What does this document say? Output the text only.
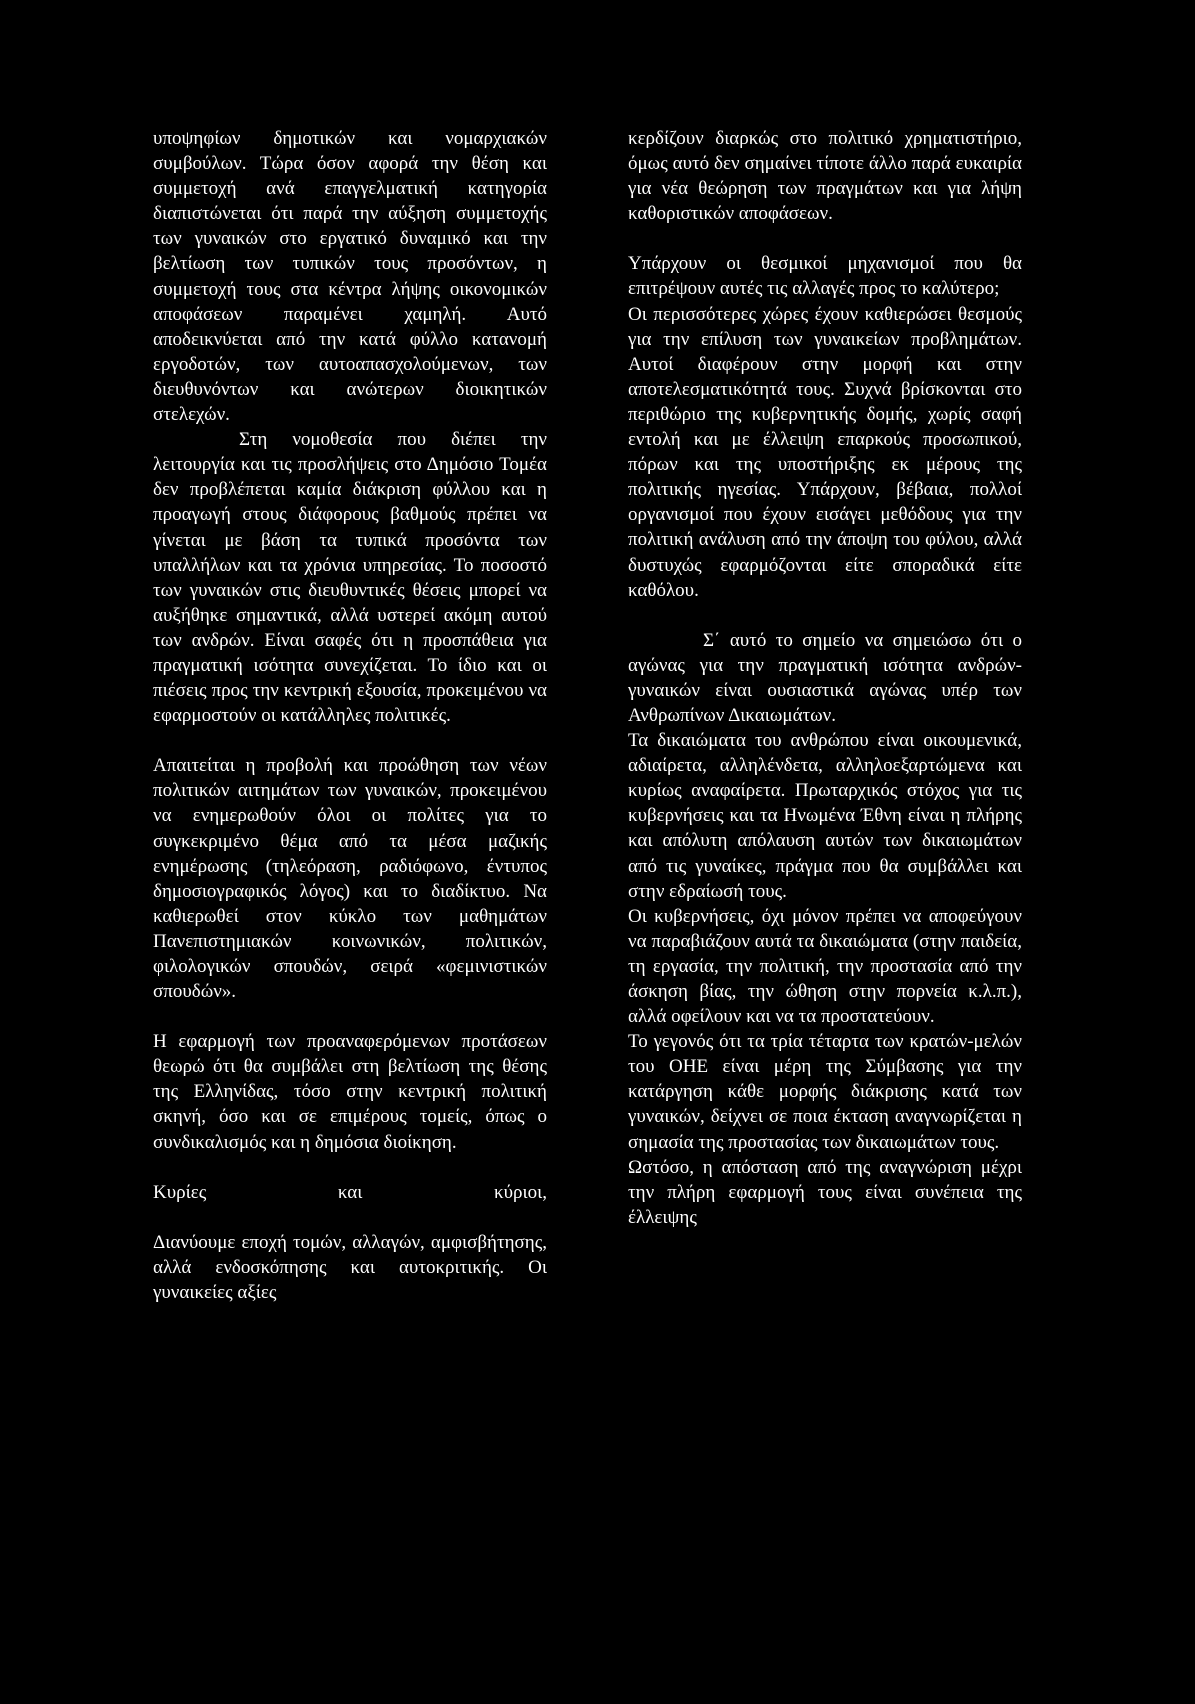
υποψηφίων δημοτικών και νομαρχιακών συμβούλων. Τώρα όσον αφορά την θέση και συμμετοχή ανά επαγγελματική κατηγορία διαπιστώνεται ότι παρά την αύξηση συμμετοχής των γυναικών στο εργατικό δυναμικό και την βελτίωση των τυπικών τους προσόντων, η συμμετοχή τους στα κέντρα λήψης οικονομικών αποφάσεων παραμένει χαμηλή. Αυτό αποδεικνύεται από την κατά φύλλο κατανομή εργοδοτών, των αυτοαπασχολούμενων, των διευθυνόντων και ανώτερων διοικητικών στελεχών.

Στη νομοθεσία που διέπει την λειτουργία και τις προσλήψεις στο Δημόσιο Τομέα δεν προβλέπεται καμία διάκριση φύλλου και η προαγωγή στους διάφορους βαθμούς πρέπει να γίνεται με βάση τα τυπικά προσόντα των υπαλλήλων και τα χρόνια υπηρεσίας. Το ποσοστό των γυναικών στις διευθυντικές θέσεις μπορεί να αυξήθηκε σημαντικά, αλλά υστερεί ακόμη αυτού των ανδρών. Είναι σαφές ότι η προσπάθεια για πραγματική ισότητα συνεχίζεται. Το ίδιο και οι πιέσεις προς την κεντρική εξουσία, προκειμένου να εφαρμοστούν οι κατάλληλες πολιτικές.

Απαιτείται η προβολή και προώθηση των νέων πολιτικών αιτημάτων των γυναικών, προκειμένου να ενημερωθούν όλοι οι πολίτες για το συγκεκριμένο θέμα από τα μέσα μαζικής ενημέρωσης (τηλεόραση, ραδιόφωνο, έντυπος δημοσιογραφικός λόγος) και το διαδίκτυο. Να καθιερωθεί στον κύκλο των μαθημάτων Πανεπιστημιακών κοινωνικών, πολιτικών, φιλολογικών σπουδών, σειρά «φεμινιστικών σπουδών».

Η εφαρμογή των προαναφερόμενων προτάσεων θεωρώ ότι θα συμβάλει στη βελτίωση της θέσης της Ελληνίδας, τόσο στην κεντρική πολιτική σκηνή, όσο και σε επιμέρους τομείς, όπως ο συνδικαλισμός και η δημόσια διοίκηση.

Κυρίες και κύριοι,

Διανύουμε εποχή τομών, αλλαγών, αμφισβήτησης, αλλά ενδοσκόπησης και αυτοκριτικής. Οι γυναικείες αξίες

κερδίζουν διαρκώς στο πολιτικό χρηματιστήριο, όμως αυτό δεν σημαίνει τίποτε άλλο παρά ευκαιρία για νέα θεώρηση των πραγμάτων και για λήψη καθοριστικών αποφάσεων.

Υπάρχουν οι θεσμικοί μηχανισμοί που θα επιτρέψουν αυτές τις αλλαγές προς το καλύτερο;

Οι περισσότερες χώρες έχουν καθιερώσει θεσμούς για την επίλυση των γυναικείων προβλημάτων. Αυτοί διαφέρουν στην μορφή και στην αποτελεσματικότητά τους. Συχνά βρίσκονται στο περιθώριο της κυβερνητικής δομής, χωρίς σαφή εντολή και με έλλειψη επαρκούς προσωπικού, πόρων και της υποστήριξης εκ μέρους της πολιτικής ηγεσίας. Υπάρχουν, βέβαια, πολλοί οργανισμοί που έχουν εισάγει μεθόδους για την πολιτική ανάλυση από την άποψη του φύλου, αλλά δυστυχώς εφαρμόζονται είτε σποραδικά είτε καθόλου.

Σ΄ αυτό το σημείο να σημειώσω ότι ο αγώνας για την πραγματική ισότητα ανδρών-γυναικών είναι ουσιαστικά αγώνας υπέρ των Ανθρωπίνων Δικαιωμάτων.

Τα δικαιώματα του ανθρώπου είναι οικουμενικά, αδιαίρετα, αλληλένδετα, αλληλοεξαρτώμενα και κυρίως αναφαίρετα. Πρωταρχικός στόχος για τις κυβερνήσεις και τα Ηνωμένα Έθνη είναι η πλήρης και απόλυτη απόλαυση αυτών των δικαιωμάτων από τις γυναίκες, πράγμα που θα συμβάλλει και στην εδραίωσή τους.

Οι κυβερνήσεις, όχι μόνον πρέπει να αποφεύγουν να παραβιάζουν αυτά τα δικαιώματα (στην παιδεία, τη εργασία, την πολιτική, την προστασία από την άσκηση βίας, την ώθηση στην πορνεία κ.λ.π.), αλλά οφείλουν και να τα προστατεύουν.

Το γεγονός ότι τα τρία τέταρτα των κρατών-μελών του ΟΗΕ είναι μέρη της Σύμβασης για την κατάργηση κάθε μορφής διάκρισης κατά των γυναικών, δείχνει σε ποια έκταση αναγνωρίζεται η σημασία της προστασίας των δικαιωμάτων τους.

Ωστόσο, η απόσταση από της αναγνώριση μέχρι την πλήρη εφαρμογή τους είναι συνέπεια της έλλειψης
